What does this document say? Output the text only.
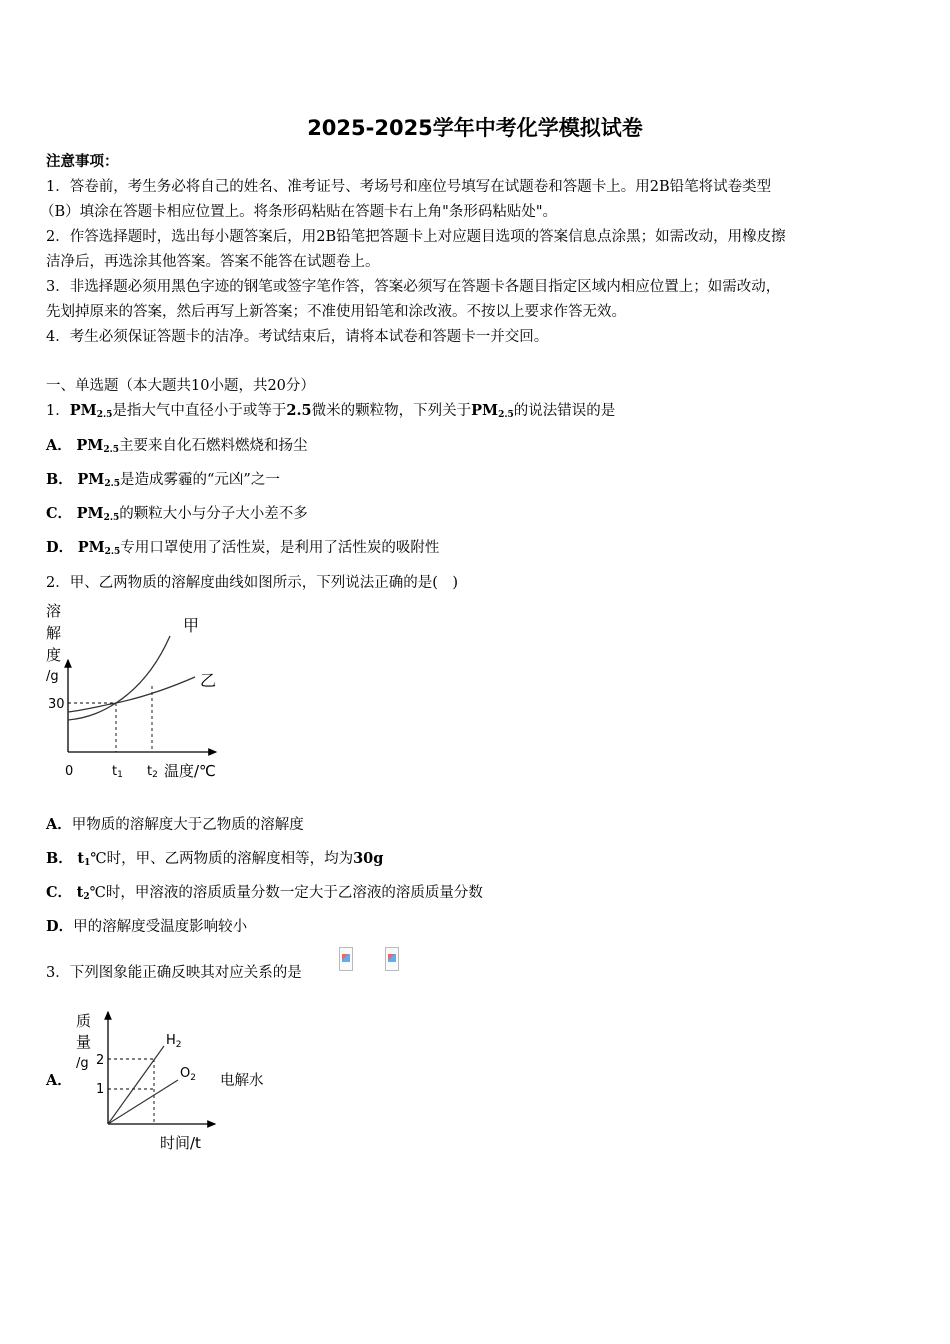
2025-2025学年中考化学模拟试卷
注意事项：
1．答卷前，考生务必将自己的姓名、准考证号、考场号和座位号填写在试题卷和答题卡上。用2B铅笔将试卷类型
（B）填涂在答题卡相应位置上。将条形码粘贴在答题卡右上角"条形码粘贴处"。
2．作答选择题时，选出每小题答案后，用2B铅笔把答题卡上对应题目选项的答案信息点涂黑；如需改动，用橡皮擦
洁净后，再选涂其他答案。答案不能答在试题卷上。
3．非选择题必须用黑色字迹的钢笔或签字笔作答，答案必须写在答题卡各题目指定区域内相应位置上；如需改动，
先划掉原来的答案，然后再写上新答案；不准使用铅笔和涂改液。不按以上要求作答无效。
4．考生必须保证答题卡的洁净。考试结束后，请将本试卷和答题卡一并交回。
一、单选题（本大题共10小题，共20分）
1．$PM_{2.5}$是指大气中直径小于或等于2.5微米的颗粒物，下列关于$PM_{2.5}$的说法错误的是
A． $PM_{2.5}$主要来自化石燃料燃烧和扬尘
B． $PM_{2.5}$是造成雾霾的“元凶”之一
C． $PM_{2.5}$的颗粒大小与分子大小差不多
D． $PM_{2.5}$专用口罩使用了活性炭，是利用了活性炭的吸附性
2．甲、乙两物质的溶解度曲线如图所示，下列说法正确的是(　)
溶
解
度
/g
30
甲
乙
0	t1 t2 温度/℃
A．甲物质的溶解度大于乙物质的溶解度
B． $t_1℃$时，甲、乙两物质的溶解度相等，均为30g
C． $t_2℃$时，甲溶液的溶质质量分数一定大于乙溶液的溶质质量分数
D．甲的溶解度受温度影响较小
3．下列图象能正确反映其对应关系的是
A．
质
量
/g 2
1
$H_2$
$O_2$
时间/t
电解水
